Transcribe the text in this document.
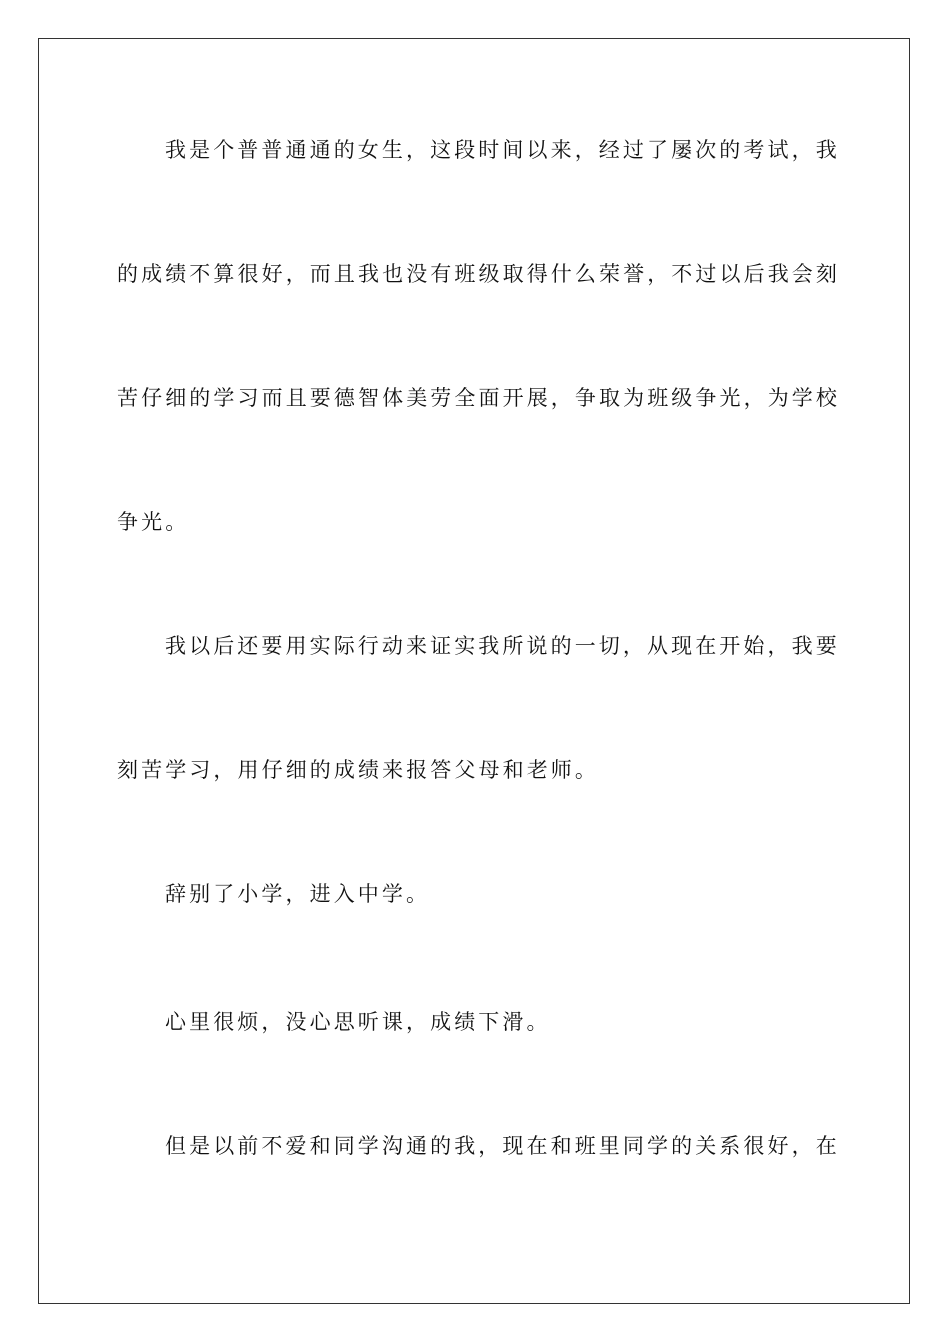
我是个普普通通的女生，这段时间以来，经过了屡次的考试，我

的成绩不算很好，而且我也没有班级取得什么荣誉，不过以后我会刻

苦仔细的学习而且要德智体美劳全面开展，争取为班级争光，为学校

争光。

我以后还要用实际行动来证实我所说的一切，从现在开始，我要

刻苦学习，用仔细的成绩来报答父母和老师。

辞别了小学，进入中学。

心里很烦，没心思听课，成绩下滑。

但是以前不爱和同学沟通的我，现在和班里同学的关系很好，在
